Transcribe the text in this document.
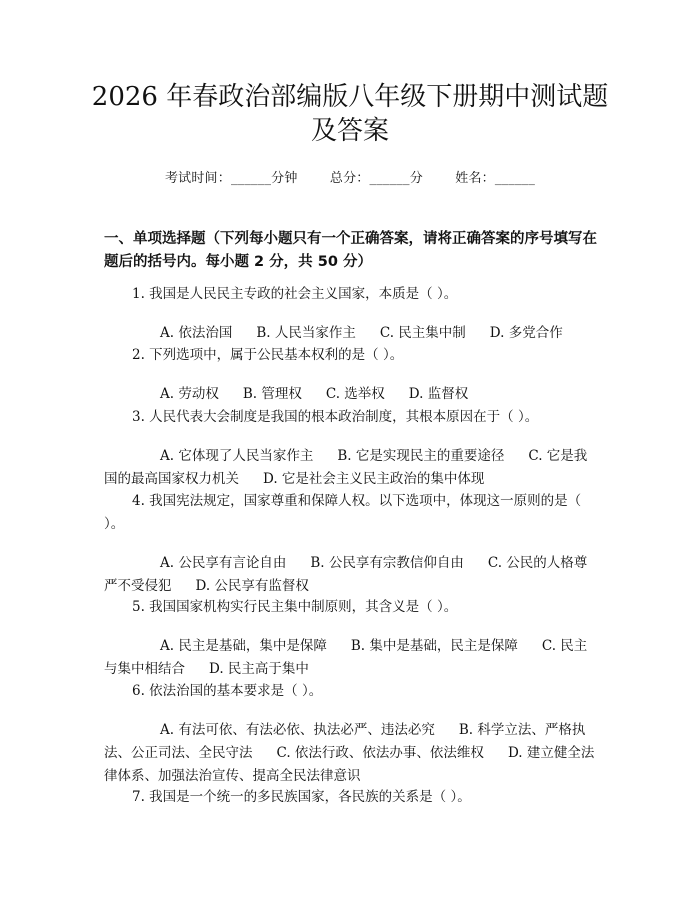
2026 年春政治部编版八年级下册期中测试题
及答案
考试时间：______分钟 总分：______分 姓名：______
一、单项选择题（下列每小题只有一个正确答案，请将正确答案的序号填写在题后的括号内。每小题 2 分，共 50 分）
1. 我国是人民民主专政的社会主义国家，本质是（ ）。
A. 依法治国 B. 人民当家作主 C. 民主集中制 D. 多党合作
2. 下列选项中，属于公民基本权利的是（ ）。
A. 劳动权 B. 管理权 C. 选举权 D. 监督权
3. 人民代表大会制度是我国的根本政治制度，其根本原因在于（ ）。
A. 它体现了人民当家作主 B. 它是实现民主的重要途径 C. 它是我国的最高国家权力机关 D. 它是社会主义民主政治的集中体现
4. 我国宪法规定，国家尊重和保障人权。以下选项中，体现这一原则的是（ ）。
A. 公民享有言论自由 B. 公民享有宗教信仰自由 C. 公民的人格尊严不受侵犯 D. 公民享有监督权
5. 我国国家机构实行民主集中制原则，其含义是（ ）。
A. 民主是基础，集中是保障 B. 集中是基础，民主是保障 C. 民主与集中相结合 D. 民主高于集中
6. 依法治国的基本要求是（ ）。
A. 有法可依、有法必依、执法必严、违法必究 B. 科学立法、严格执法、公正司法、全民守法 C. 依法行政、依法办事、依法维权 D. 建立健全法律体系、加强法治宣传、提高全民法律意识
7. 我国是一个统一的多民族国家，各民族的关系是（ ）。
